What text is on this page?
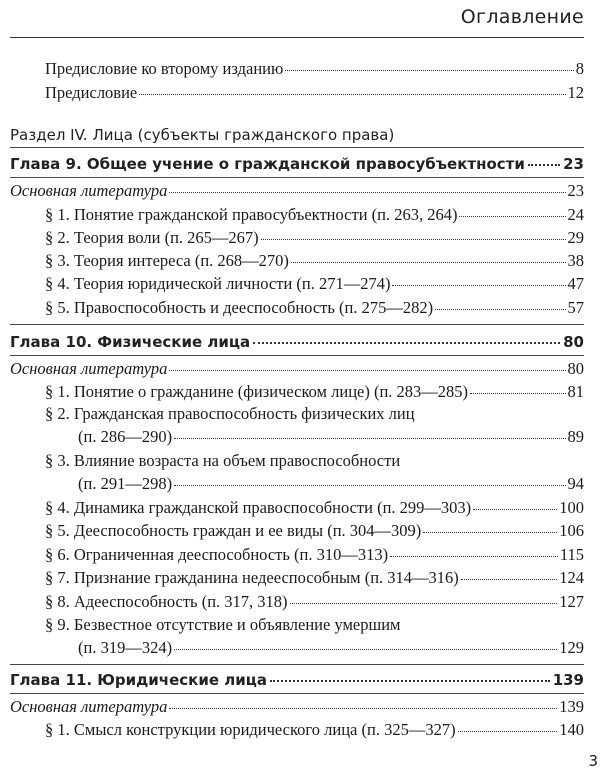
Оглавление
Предисловие ко второму изданию	8
Предисловие	12
Раздел IV. Лица (субъекты гражданского права)
Глава 9. Общее учение о гражданской правосубъектности	23
Основная литература	23
§ 1. Понятие гражданской правосубъектности (п. 263, 264)	24
§ 2. Теория воли (п. 265—267)	29
§ 3. Теория интереса (п. 268—270)	38
§ 4. Теория юридической личности (п. 271—274)	47
§ 5. Правоспособность и дееспособность (п. 275—282)	57
Глава 10. Физические лица	80
Основная литература	80
§ 1. Понятие о гражданине (физическом лице) (п. 283—285)	81
§ 2. Гражданская правоспособность физических лиц
(п. 286—290)	89
§ 3. Влияние возраста на объем правоспособности
(п. 291—298)	94
§ 4. Динамика гражданской правоспособности (п. 299—303)	100
§ 5. Дееспособность граждан и ее виды (п. 304—309)	106
§ 6. Ограниченная дееспособность (п. 310—313)	115
§ 7. Признание гражданина недееспособным (п. 314—316)	124
§ 8. Адееспособность (п. 317, 318)	127
§ 9. Безвестное отсутствие и объявление умершим
(п. 319—324)	129
Глава 11. Юридические лица	139
Основная литература	139
§ 1. Смысл конструкции юридического лица (п. 325—327)	140
3
